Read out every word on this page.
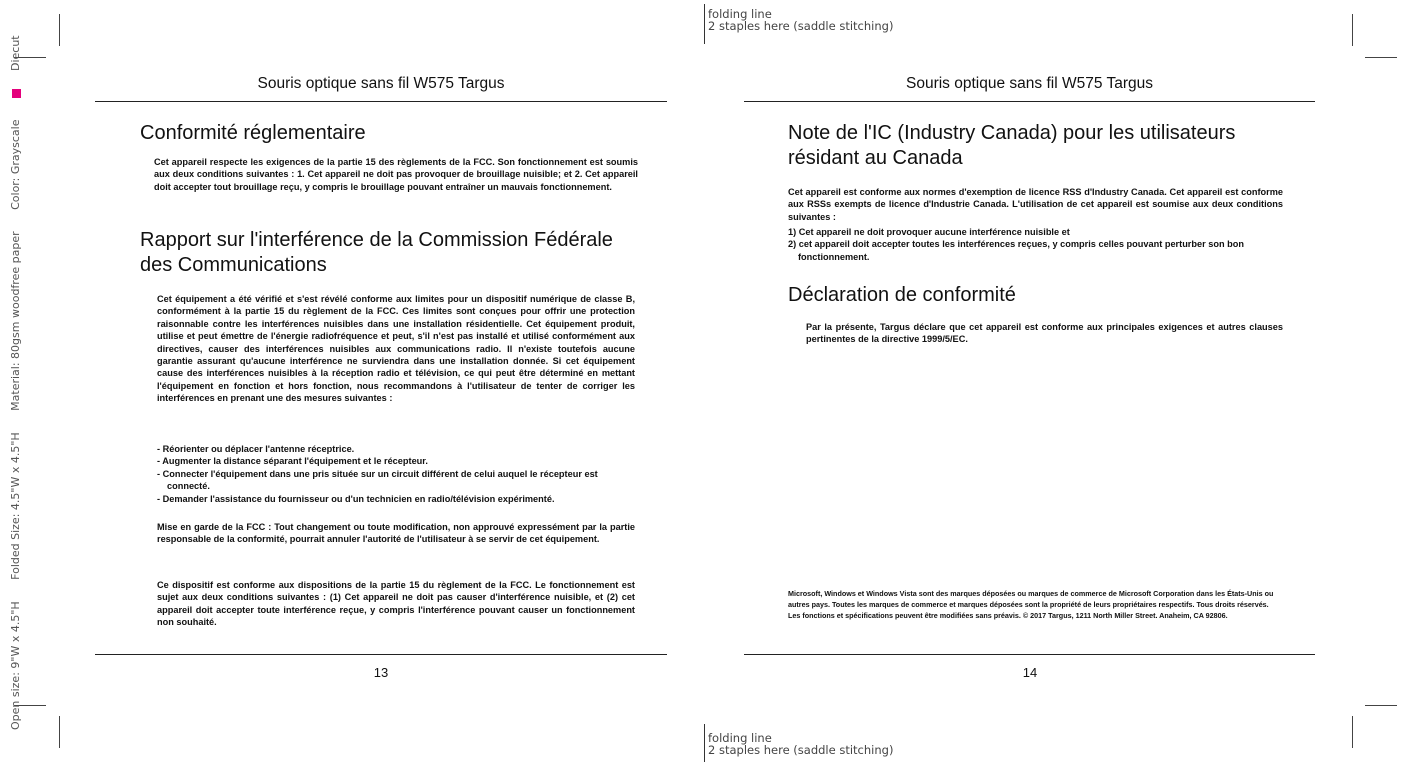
Open size: 9"W x 4.5"H Folded Size: 4.5"W x 4.5"H Material: 80gsm woodfree paper Color: Grayscale Diecut
folding line
2 staples here (saddle stitching)
folding line
2 staples here (saddle stitching)
Souris optique sans fil W575 Targus
Conformité réglementaire
Cet appareil respecte les exigences de la partie 15 des règlements de la FCC. Son fonctionnement est soumis aux deux conditions suivantes : 1. Cet appareil ne doit pas provoquer de brouillage nuisible; et 2. Cet appareil doit accepter tout brouillage reçu, y compris le brouillage pouvant entraîner un mauvais fonctionnement.
Rapport sur l'interférence de la Commission Fédérale des Communications
Cet équipement a été vérifié et s'est révélé conforme aux limites pour un dispositif numérique de classe B, conformément à la partie 15 du règlement de la FCC. Ces limites sont conçues pour offrir une protection raisonnable contre les interférences nuisibles dans une installation résidentielle. Cet équipement produit, utilise et peut émettre de l'énergie radiofréquence et peut, s'il n'est pas installé et utilisé conformément aux directives, causer des interférences nuisibles aux communications radio. Il n'existe toutefois aucune garantie assurant qu'aucune interférence ne surviendra dans une installation donnée. Si cet équipement cause des interférences nuisibles à la réception radio et télévision, ce qui peut être déterminé en mettant l'équipement en fonction et hors fonction, nous recommandons à l'utilisateur de tenter de corriger les interférences en prenant une des mesures suivantes :
- Réorienter ou déplacer l'antenne réceptrice.
- Augmenter la distance séparant l'équipement et le récepteur.
- Connecter l'équipement dans une pris située sur un circuit différent de celui auquel le récepteur est connecté.
- Demander l'assistance du fournisseur ou d'un technicien en radio/télévision expérimenté.
Mise en garde de la FCC : Tout changement ou toute modification, non approuvé expressément par la partie responsable de la conformité, pourrait annuler l'autorité de l'utilisateur à se servir de cet équipement.
Ce dispositif est conforme aux dispositions de la partie 15 du règlement de la FCC. Le fonctionnement est sujet aux deux conditions suivantes : (1) Cet appareil ne doit pas causer d'interférence nuisible, et (2) cet appareil doit accepter toute interférence reçue, y compris l'interférence pouvant causer un fonctionnement non souhaité.
13
Souris optique sans fil W575 Targus
Note de l'IC (Industry Canada) pour les utilisateurs résidant au Canada
Cet appareil est conforme aux normes d'exemption de licence RSS d'Industry Canada. Cet appareil est conforme aux RSSs exempts de licence d'Industrie Canada. L'utilisation de cet appareil est soumise aux deux conditions suivantes :
1) Cet appareil ne doit provoquer aucune interférence nuisible et
2) cet appareil doit accepter toutes les interférences reçues, y compris celles pouvant perturber son bon fonctionnement.
Déclaration de conformité
Par la présente, Targus déclare que cet appareil est conforme aux principales exigences et autres clauses pertinentes de la directive 1999/5/EC.
Microsoft, Windows et Windows Vista sont des marques déposées ou marques de commerce de Microsoft Corporation dans les États-Unis ou autres pays. Toutes les marques de commerce et marques déposées sont la propriété de leurs propriétaires respectifs. Tous droits réservés. Les fonctions et spécifications peuvent être modifiées sans préavis. © 2017 Targus, 1211 North Miller Street. Anaheim, CA 92806.
14
